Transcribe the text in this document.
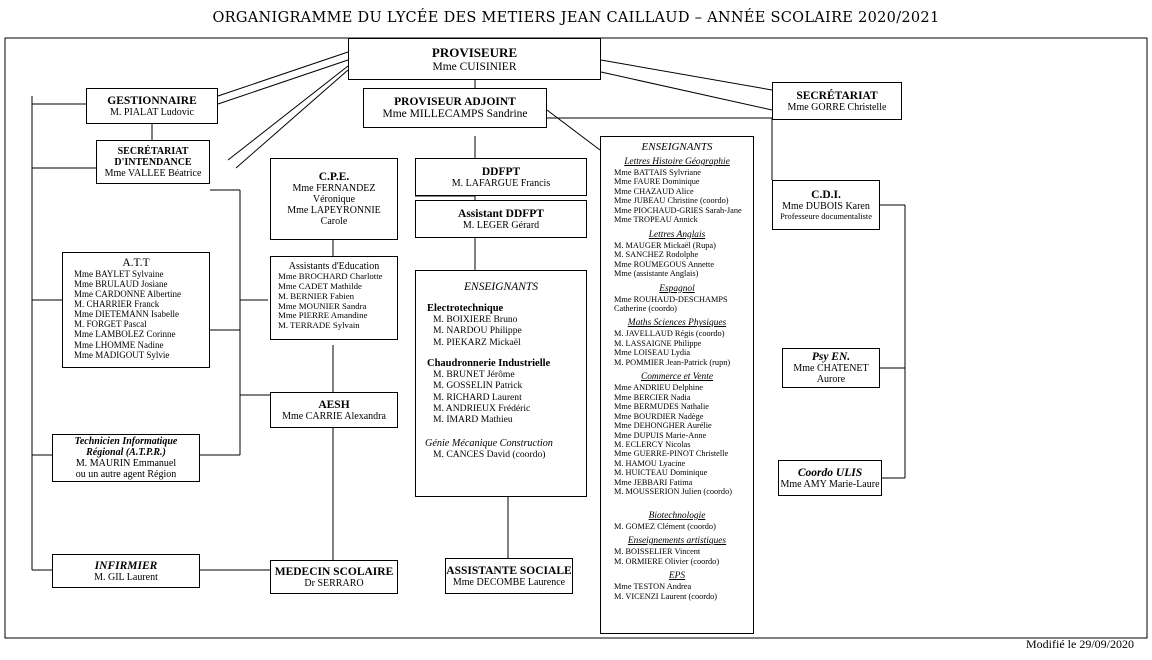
ORGANIGRAMME DU LYCÉE DES METIERS JEAN CAILLAUD – ANNÉE SCOLAIRE 2020/2021
PROVISEURE
Mme CUISINIER
GESTIONNAIRE
M. PIALAT Ludovic
SECRÉTARIAT
Mme GORRE Christelle
PROVISEUR ADJOINT
Mme MILLECAMPS Sandrine
SECRÉTARIAT
D'INTENDANCE
Mme VALLEE Béatrice	C.P.E.
Mme FERNANDEZ
Véronique
Mme LAPEYRONNIE
Carole
DDFPT
M. LAFARGUE Francis
Assistant DDFPT
M. LEGER Gérard
C.D.I.
Mme DUBOIS Karen
Professeure documentaliste
A.T.T
Mme BAYLET Sylvaine
Mme BRULAUD Josiane
Mme CARDONNE Albertine
M. CHARRIER Franck
Mme DIETEMANN Isabelle
M. FORGET Pascal
Mme LAMBOLEZ Corinne
Mme LHOMME Nadine
Mme MADIGOUT Sylvie
Assistants d'Education
Mme BROCHARD Charlotte
Mme CADET Mathilde
M. BERNIER Fabien
Mme MOUNIER Sandra
Mme PIERRE Amandine
M. TERRADE Sylvain
ENSEIGNANTS
Electrotechnique
M. BOIXIERE Bruno
M. NARDOU Philippe
M. PIEKARZ Mickaël
Chaudronnerie Industrielle
M. BRUNET Jérôme
M. GOSSELIN Patrick
M. RICHARD Laurent
M. ANDRIEUX Frédéric
M. IMARD Mathieu
Génie Mécanique Construction
M. CANCES David (coordo)
ENSEIGNANTS
Lettres Histoire Géographie
Mme BATTAIS Sylvriane
Mme FAURE Dominique
Mme CHAZAUD Alice
Mme JUBEAU Christine (coordo)
Mme PIOCHAUD-GRIES Sarah-Jane
Mme TROPEAU Annick
Lettres Anglais
M. MAUGER Mickaël (Rupa)
M. SANCHEZ Rodolphe
Mme ROUMEGOUS Annette
Mme (assistante Anglais)
Espagnol
Mme ROUHAUD-DESCHAMPS
Catherine (coordo)
Maths Sciences Physiques
M. JAVELLAUD Régis (coordo)
M. LASSAIGNE Philippe
Mme LOISEAU Lydia
M. POMMIER Jean-Patrick (rupn)
Commerce et Vente
Mme ANDRIEU Delphine
Mme BERCIER Nadia
Mme BERMUDES Nathalie
Mme BOURDIER Nadège
Mme DEHONGHER Aurélie
Mme DUPUIS Marie-Anne
M. ECLERCY Nicolas
Mme GUERRE-PINOT Christelle
M. HAMOU Lyacine
M. HUICTEAU Dominique
Mme JEBBARI Fatima
M. MOUSSERION Julien (coordo)
Biotechnologie
M. GOMEZ Clément (coordo)
Enseignements artistiques
M. BOISSELIER Vincent
M. ORMIERE Olivier (coordo)
EPS
Mme TESTON Andrea
M. VICENZI Laurent (coordo)
Psy EN.
Mme CHATENET
Aurore
AESH
Mme CARRIE Alexandra
Technicien Informatique
Régional (A.T.P.R.)
M. MAURIN Emmanuel
ou un autre agent Région	Coordo ULIS
Mme AMY Marie-Laure
INFIRMIER
M. GIL Laurent	MEDECIN SCOLAIRE
Dr SERRARO
ASSISTANTE SOCIALE
Mme DECOMBE Laurence
Modifié le 29/09/2020
